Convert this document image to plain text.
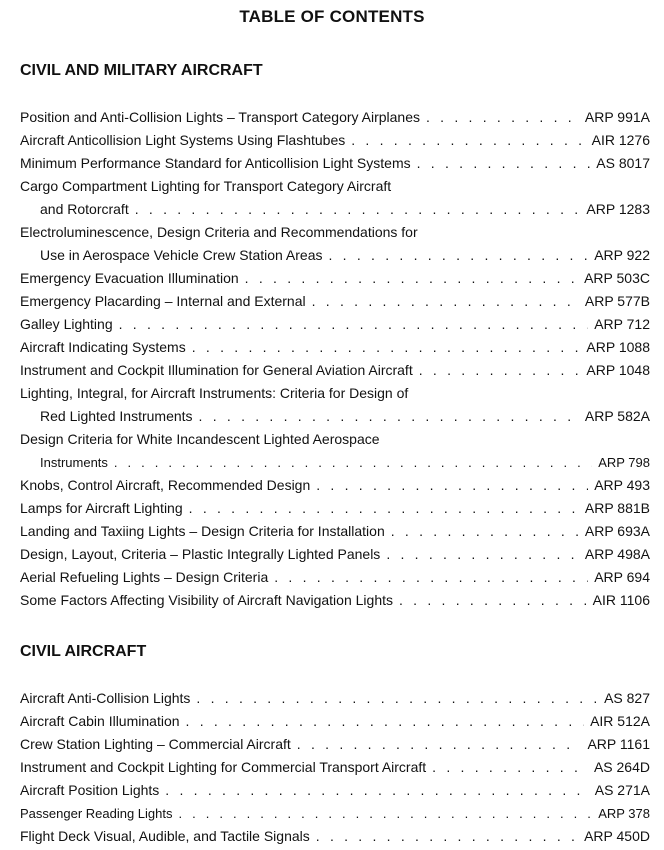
TABLE OF CONTENTS
CIVIL AND MILITARY AIRCRAFT
Position and Anti-Collision Lights – Transport Category Airplanes . . .	ARP 991A
Aircraft Anticollision Light Systems Using Flashtubes . . .	AIR 1276
Minimum Performance Standard for Anticollision Light Systems . . .	AS 8017
Cargo Compartment Lighting for Transport Category Aircraft
and Rotorcraft . . .	ARP 1283
Electroluminescence, Design Criteria and Recommendations for
Use in Aerospace Vehicle Crew Station Areas . . .	ARP 922
Emergency Evacuation Illumination . . .	ARP 503C
Emergency Placarding – Internal and External . . .	ARP 577B
Galley Lighting . . .	ARP 712
Aircraft Indicating Systems . . .	ARP 1088
Instrument and Cockpit Illumination for General Aviation Aircraft . . .	ARP 1048
Lighting, Integral, for Aircraft Instruments: Criteria for Design of
Red Lighted Instruments . . .	ARP 582A
Design Criteria for White Incandescent Lighted Aerospace
Instruments . . .	ARP 798
Knobs, Control Aircraft, Recommended Design . . .	ARP 493
Lamps for Aircraft Lighting . . .	ARP 881B
Landing and Taxiing Lights – Design Criteria for Installation . . .	ARP 693A
Design, Layout, Criteria – Plastic Integrally Lighted Panels . . .	ARP 498A
Aerial Refueling Lights – Design Criteria . . .	ARP 694
Some Factors Affecting Visibility of Aircraft Navigation Lights . . .	AIR 1106
CIVIL AIRCRAFT
Aircraft Anti-Collision Lights . . .	AS 827
Aircraft Cabin Illumination . . .	AIR 512A
Crew Station Lighting – Commercial Aircraft . . .	ARP 1161
Instrument and Cockpit Lighting for Commercial Transport Aircraft . . .	AS 264D
Aircraft Position Lights . . .	AS 271A
Passenger Reading Lights . . .	ARP 378
Flight Deck Visual, Audible, and Tactile Signals . . .	ARP 450D
